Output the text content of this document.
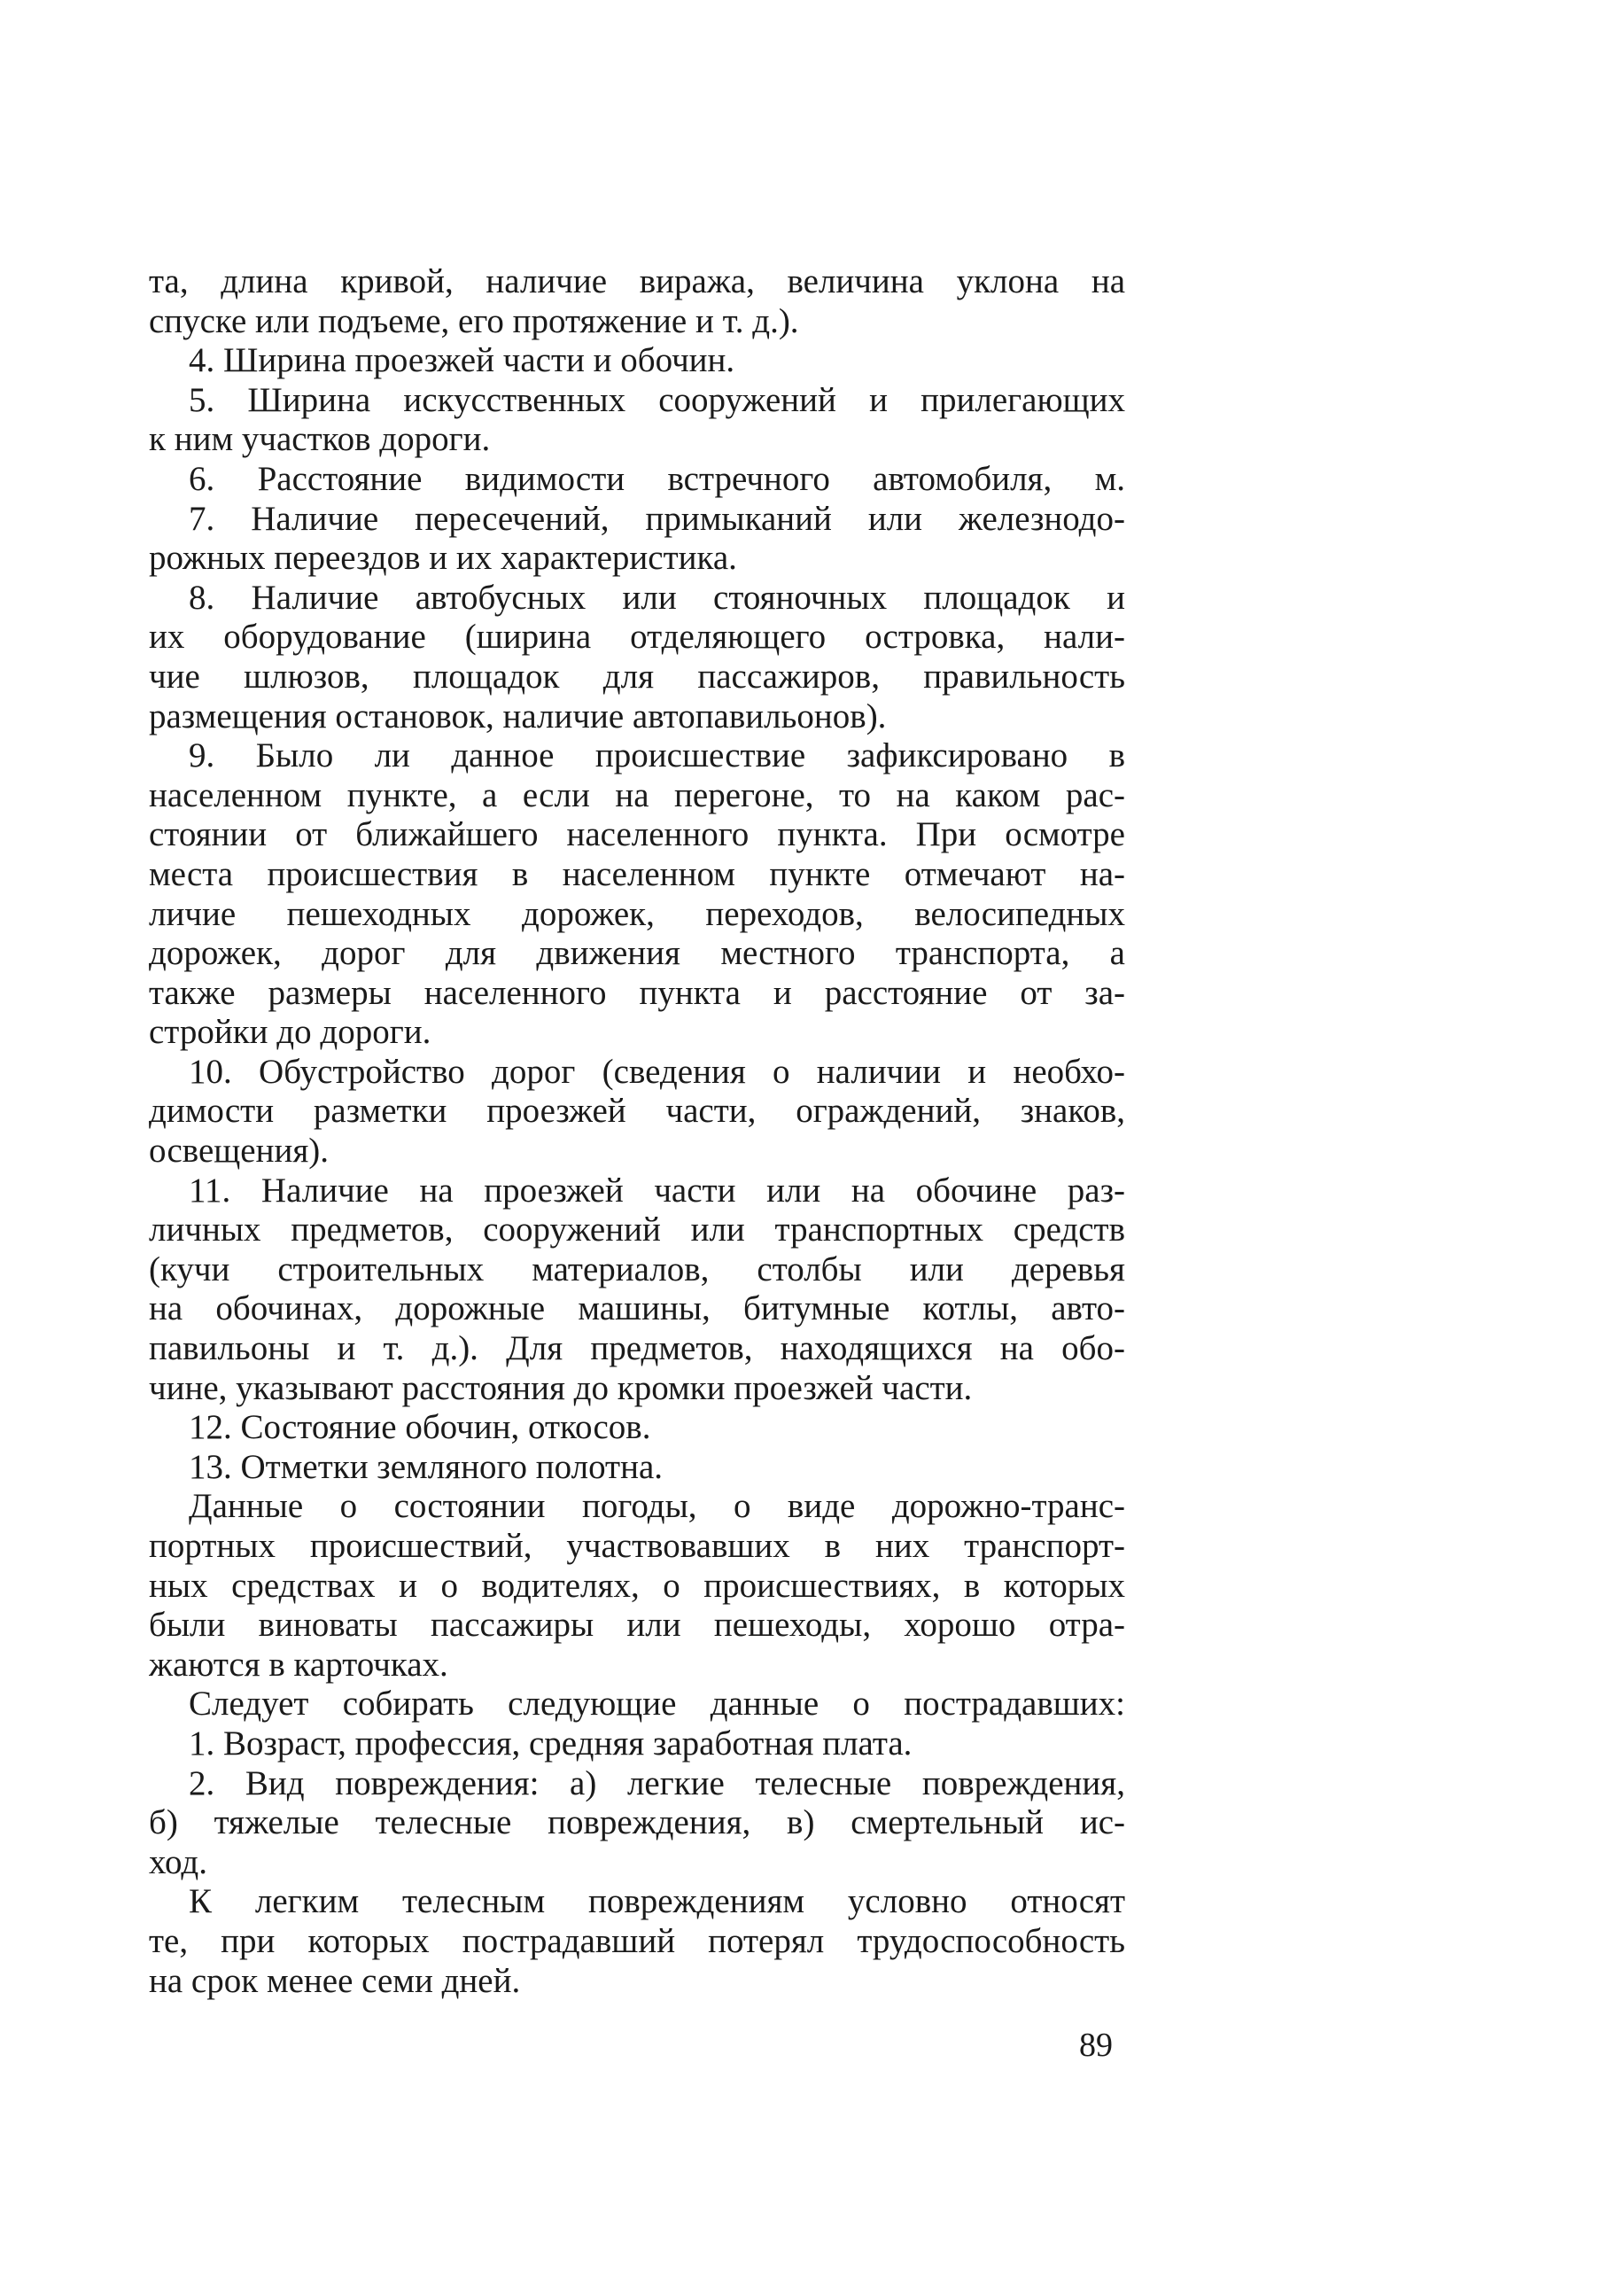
та, длина кривой, наличие виража, величина уклона на
спуске или подъеме, его протяжение и т. д.).
4. Ширина проезжей части и обочин.
5. Ширина искусственных сооружений и прилегающих
к ним участков дороги.
6. Расстояние видимости встречного автомобиля, м.
7. Наличие пересечений, примыканий или железнодо-
рожных переездов и их характеристика.
8. Наличие автобусных или стояночных площадок и
их оборудование (ширина отделяющего островка, нали-
чие шлюзов, площадок для пассажиров, правильность
размещения остановок, наличие автопавильонов).
9. Было ли данное происшествие зафиксировано в
населенном пункте, а если на перегоне, то на каком рас-
стоянии от ближайшего населенного пункта. При осмотре
места происшествия в населенном пункте отмечают на-
личие пешеходных дорожек, переходов, велосипедных
дорожек, дорог для движения местного транспорта, а
также размеры населенного пункта и расстояние от за-
стройки до дороги.
10. Обустройство дорог (сведения о наличии и необхо-
димости разметки проезжей части, ограждений, знаков,
освещения).
11. Наличие на проезжей части или на обочине раз-
личных предметов, сооружений или транспортных средств
(кучи строительных материалов, столбы или деревья
на обочинах, дорожные машины, битумные котлы, авто-
павильоны и т. д.). Для предметов, находящихся на обо-
чине, указывают расстояния до кромки проезжей части.
12. Состояние обочин, откосов.
13. Отметки земляного полотна.
Данные о состоянии погоды, о виде дорожно-транс-
портных происшествий, участвовавших в них транспорт-
ных средствах и о водителях, о происшествиях, в которых
были виноваты пассажиры или пешеходы, хорошо отра-
жаются в карточках.
Следует собирать следующие данные о пострадавших:
1. Возраст, профессия, средняя заработная плата.
2. Вид повреждения: а) легкие телесные повреждения,
б) тяжелые телесные повреждения, в) смертельный ис-
ход.
К легким телесным повреждениям условно относят
те, при которых пострадавший потерял трудоспособность
на срок менее семи дней.
89
